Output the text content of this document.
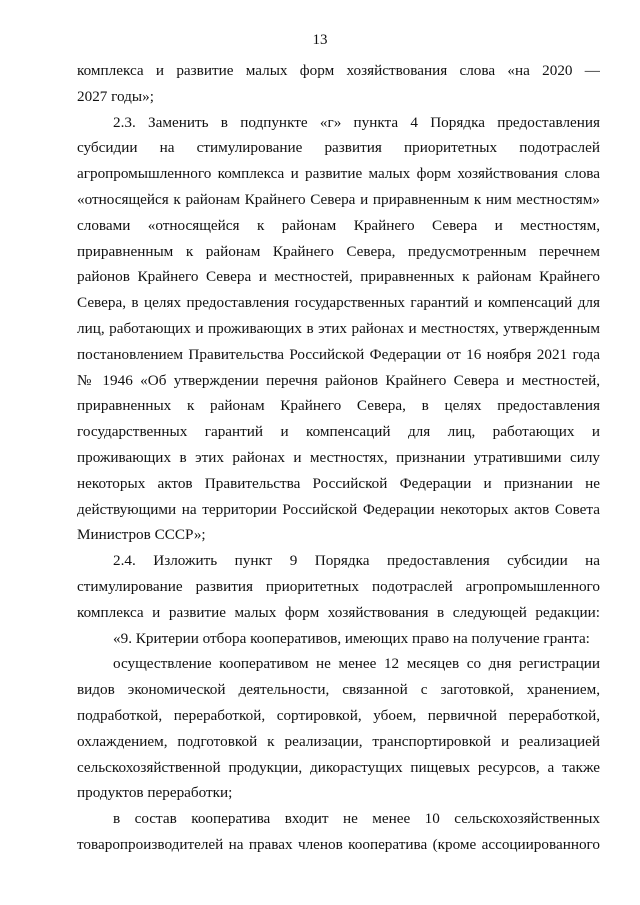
13
комплекса и развитие малых форм хозяйствования слова «на 2020 —
2027 годы»;
2.3. Заменить в подпункте «г» пункта 4 Порядка предоставления
субсидии на стимулирование развития приоритетных подотраслей
агропромышленного комплекса и развитие малых форм хозяйствования слова
«относящейся к районам Крайнего Севера и приравненным к ним местностям»
словами «относящейся к районам Крайнего Севера и местностям,
приравненным к районам Крайнего Севера, предусмотренным перечнем
районов Крайнего Севера и местностей, приравненных к районам Крайнего
Севера, в целях предоставления государственных гарантий и компенсаций для
лиц, работающих и проживающих в этих районах и местностях, утвержденным
постановлением Правительства Российской Федерации от 16 ноября 2021 года
№ 1946 «Об утверждении перечня районов Крайнего Севера и местностей,
приравненных к районам Крайнего Севера, в целях предоставления
государственных гарантий и компенсаций для лиц, работающих и
проживающих в этих районах и местностях, признании утратившими силу
некоторых актов Правительства Российской Федерации и признании не
действующими на территории Российской Федерации некоторых актов Совета
Министров СССР»;
2.4. Изложить пункт 9 Порядка предоставления субсидии на
стимулирование развития приоритетных подотраслей агропромышленного
комплекса и развитие малых форм хозяйствования в следующей редакции:
«9. Критерии отбора кооперативов, имеющих право на получение гранта:
осуществление кооперативом не менее 12 месяцев со дня регистрации
видов экономической деятельности, связанной с заготовкой, хранением,
подработкой, переработкой, сортировкой, убоем, первичной переработкой,
охлаждением, подготовкой к реализации, транспортировкой и реализацией
сельскохозяйственной продукции, дикорастущих пищевых ресурсов, а также
продуктов переработки;
в состав кооператива входит не менее 10 сельскохозяйственных
товаропроизводителей на правах членов кооператива (кроме ассоциированного
